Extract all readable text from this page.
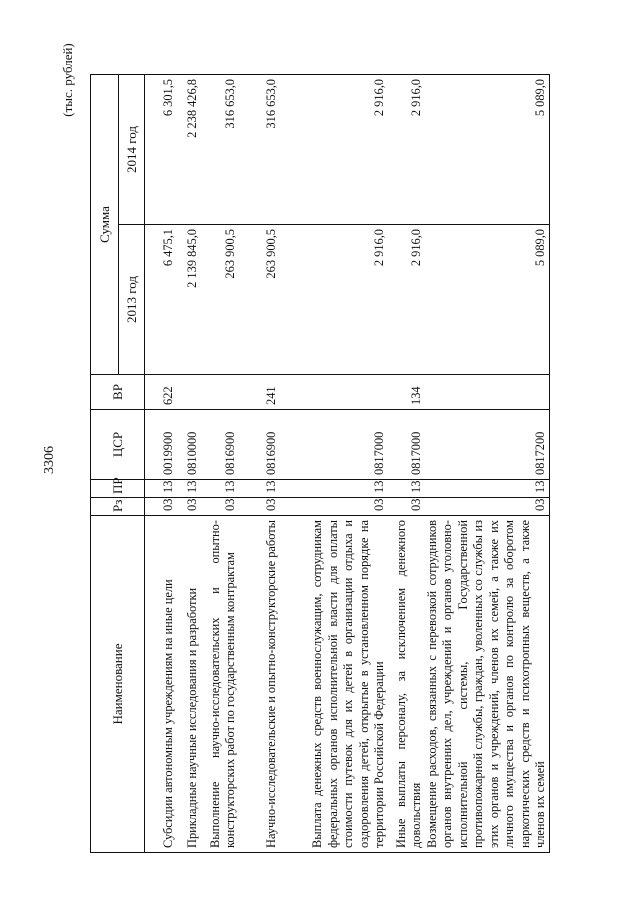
3306
(тыс. рублей)
Наименование	Рз	ПР	ЦСР	ВР	Сумма	
					2013 год	2014 год
Субсидии автономным учреждениям на иные цели	03	13	0019900	622	6 475,1	6 301,5
Прикладные научные исследования и разработки	03	13	0810000		2 139 845,0	2 238 426,8
Выполнение научно-исследовательских и опытно-конструкторских работ по государственным контрактам	03	13	0816900		263 900,5	316 653,0
Научно-исследовательские и опытно-конструкторские работы	03	13	0816900	241	263 900,5	316 653,0
Выплата денежных средств военнослужащим, сотрудникам федеральных органов исполнительной власти для оплаты стоимости путевок для их детей в организации отдыха и оздоровления детей, открытые в установленном порядке на территории Российской Федерации	03	13	0817000		2 916,0	2 916,0
Иные выплаты персоналу, за исключением денежного довольствия	03	13	0817000	134	2 916,0	2 916,0
Возмещение расходов, связанных с перевозкой сотрудников органов внутренних дел, учреждений и органов уголовно-исполнительной системы, Государственной противопожарной службы, граждан, уволенных со службы из этих органов и учреждений, членов их семей, а также их личного имущества и органов по контролю за оборотом наркотических средств и психотропных веществ, а также членов их семей	03	13	0817200		5 089,0	5 089,0
